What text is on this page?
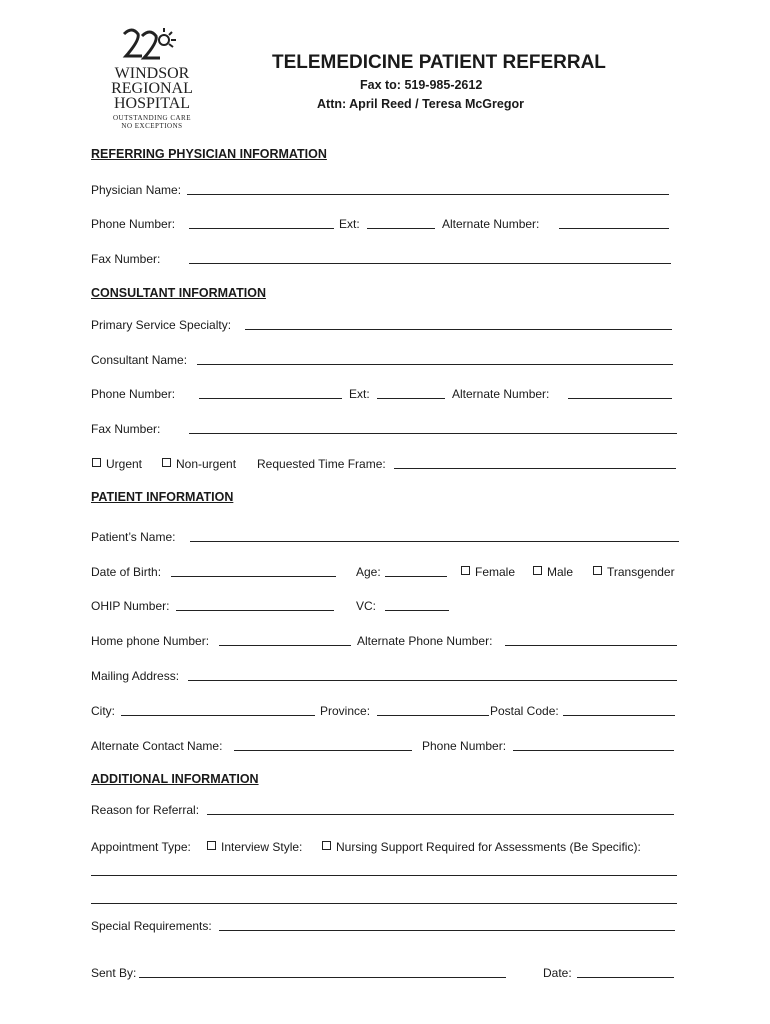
WINDSOR
REGIONAL
HOSPITAL
OUTSTANDING CARE
NO EXCEPTIONS
TELEMEDICINE PATIENT REFERRAL
Fax to: 519-985-2612
Attn: April Reed / Teresa McGregor
REFERRING PHYSICIAN INFORMATION
Physician Name:
Phone Number:	Ext:	Alternate Number:
Fax Number:
CONSULTANT INFORMATION
Primary Service Specialty:
Consultant Name:
Phone Number:	Ext:	Alternate Number:
Fax Number:
Urgent	Non-urgent Requested Time Frame:
PATIENT INFORMATION
Patient’s Name:
Date of Birth:	Age:	Female	Male	Transgender
OHIP Number:	VC:
Home phone Number:	Alternate Phone Number:
Mailing Address:
City:	Province:	Postal Code:
Alternate Contact Name:	Phone Number:
ADDITIONAL INFORMATION
Reason for Referral:
Appointment Type:	Interview Style:	Nursing Support Required for Assessments (Be Specific):
Special Requirements:
Sent By:	Date:
